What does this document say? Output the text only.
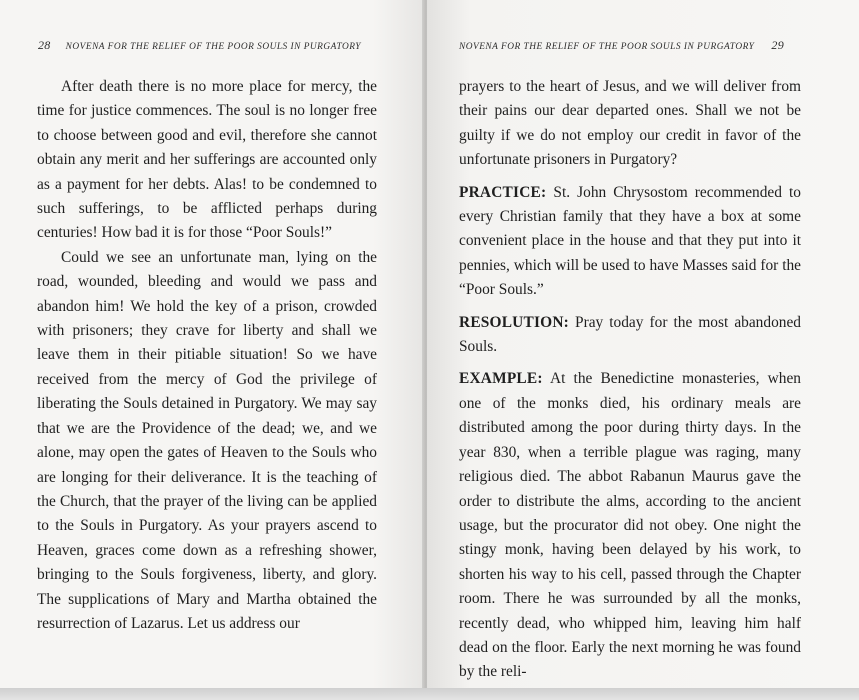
28 NOVENA FOR THE RELIEF OF THE POOR SOULS IN PURGATORY

After death there is no more place for mercy, the time for justice commences. The soul is no longer free to choose between good and evil, therefore she cannot obtain any merit and her sufferings are accounted only as a payment for her debts. Alas! to be condemned to such sufferings, to be afflicted perhaps during centuries! How bad it is for those “Poor Souls!”

Could we see an unfortunate man, lying on the road, wounded, bleeding and would we pass and abandon him! We hold the key of a prison, crowded with prisoners; they crave for liberty and shall we leave them in their pitiable situation! So we have received from the mercy of God the privilege of liberating the Souls detained in Purgatory. We may say that we are the Providence of the dead; we, and we alone, may open the gates of Heaven to the Souls who are longing for their deliverance. It is the teaching of the Church, that the prayer of the living can be applied to the Souls in Purgatory. As your prayers ascend to Heaven, graces come down as a refreshing shower, bringing to the Souls forgiveness, liberty, and glory. The supplications of Mary and Martha obtained the resurrection of Lazarus. Let us address our

NOVENA FOR THE RELIEF OF THE POOR SOULS IN PURGATORY 29

prayers to the heart of Jesus, and we will deliver from their pains our dear departed ones. Shall we not be guilty if we do not employ our credit in favor of the unfortunate prisoners in Purgatory?

PRACTICE: St. John Chrysostom recommended to every Christian family that they have a box at some convenient place in the house and that they put into it pennies, which will be used to have Masses said for the “Poor Souls.”

RESOLUTION: Pray today for the most abandoned Souls.

EXAMPLE: At the Benedictine monasteries, when one of the monks died, his ordinary meals are distributed among the poor during thirty days. In the year 830, when a terrible plague was raging, many religious died. The abbot Rabanun Maurus gave the order to distribute the alms, according to the ancient usage, but the procurator did not obey. One night the stingy monk, having been delayed by his work, to shorten his way to his cell, passed through the Chapter room. There he was surrounded by all the monks, recently dead, who whipped him, leaving him half dead on the floor. Early the next morning he was found by the reli-
